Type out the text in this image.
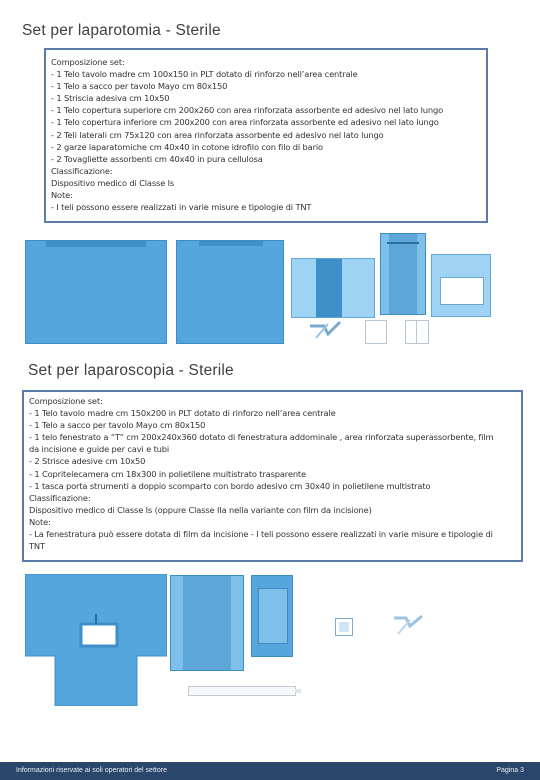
Set per laparotomia - Sterile

Composizione set:

- 1 Telo tavolo madre cm 100x150 in PLT dotato di rinforzo nell’area centrale

- 1 Telo a sacco per tavolo Mayo cm 80x150

- 1 Striscia adesiva cm 10x50

- 1 Telo copertura superiore cm 200x260 con area rinforzata assorbente ed adesivo nel lato lungo

- 1 Telo copertura inferiore cm 200x200 con area rinforzata assorbente ed adesivo nel lato lungo

- 2 Teli laterali cm 75x120 con area rinforzata assorbente ed adesivo nel lato lungo

- 2 garze laparatomiche cm 40x40 in cotone idrofilo con filo di bario

- 2 Tovagliette assorbenti cm 40x40 in pura cellulosa

Classificazione:

Dispositivo medico di Classe Is

Note:

- I teli possono essere realizzati in varie misure e tipologie di TNT

Set per laparoscopia - Sterile

Composizione set:

- 1 Telo tavolo madre cm 150x200 in PLT dotato di rinforzo nell’area centrale

- 1 Telo a sacco per tavolo Mayo cm 80x150

- 1 telo fenestrato a “T” cm 200x240x360 dotato di fenestratura addominale , area rinforzata superassorbente, film

da incisione e guide per cavi e tubi

- 2 Strisce adesive cm 10x50

- 1 Copritelecamera cm 18x300 in polietilene multistrato trasparente

- 1 tasca porta strumenti a doppio scomparto con bordo adesivo cm 30x40 in polietilene multistrato

Classificazione:

Dispositivo medico di Classe Is (oppure Classe IIa nella variante con film da incisione)

Note:

- La fenestratura può essere dotata di film da incisione - I teli possono essere realizzati in varie misure e tipologie di

TNT

Informazioni riservate ai soli operatori del settore	Pagina 3
